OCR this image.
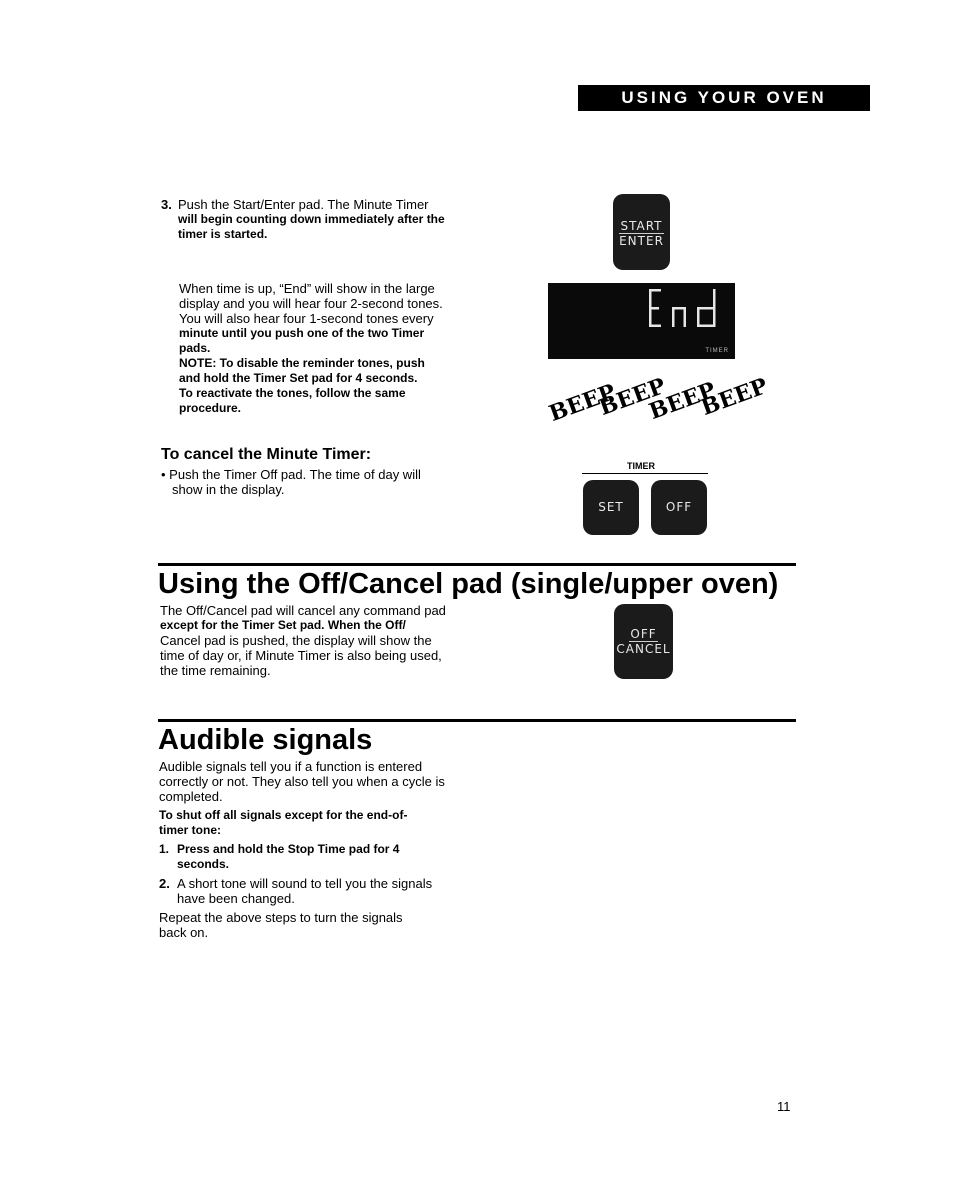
USING YOUR OVEN
3. Push the Start/Enter pad. The Minute Timer
will begin counting down immediately after the
timer is started.
When time is up, “End” will show in the large
display and you will hear four 2-second tones.
You will also hear four 1-second tones every
minute until you push one of the two Timer
pads.
NOTE: To disable the reminder tones, push
and hold the Timer Set pad for 4 seconds.
To reactivate the tones, follow the same
procedure.
To cancel the Minute Timer:
• Push the Timer Off pad. The time of day will
show in the display.
START
ENTER
TIMER
BEEP
BEEP
BEEP
BEEP
TIMER
SET	OFF
Using the Off/Cancel pad (single/upper oven)
The Off/Cancel pad will cancel any command pad
except for the Timer Set pad. When the Off/
Cancel pad is pushed, the display will show the
time of day or, if Minute Timer is also being used,
the time remaining.
OFF
CANCEL
Audible signals
Audible signals tell you if a function is entered
correctly or not. They also tell you when a cycle is
completed.
To shut off all signals except for the end-of-
timer tone:
1. Press and hold the Stop Time pad for 4
seconds.
2. A short tone will sound to tell you the signals
have been changed.
Repeat the above steps to turn the signals
back on.
11
